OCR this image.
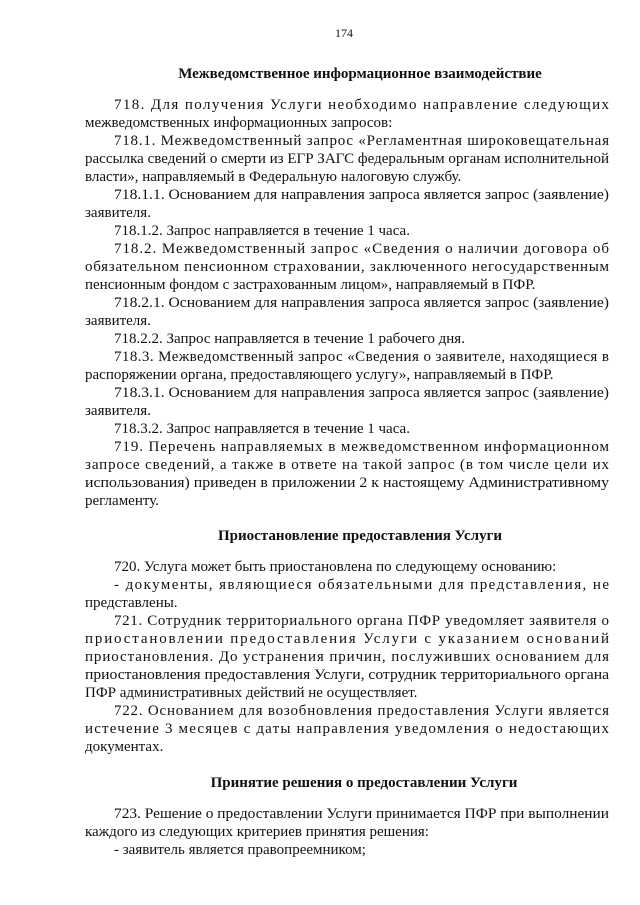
174
Межведомственное информационное взаимодействие
718. Для получения Услуги необходимо направление следующих
межведомственных информационных запросов:
718.1. Межведомственный запрос «Регламентная широковещательная
рассылка сведений о смерти из ЕГР ЗАГС федеральным органам исполнительной
власти», направляемый в Федеральную налоговую службу.
718.1.1. Основанием для направления запроса является запрос (заявление)
заявителя.
718.1.2. Запрос направляется в течение 1 часа.
718.2. Межведомственный запрос «Сведения о наличии договора об
обязательном пенсионном страховании, заключенного негосударственным
пенсионным фондом с застрахованным лицом», направляемый в ПФР.
718.2.1. Основанием для направления запроса является запрос (заявление)
заявителя.
718.2.2. Запрос направляется в течение 1 рабочего дня.
718.3. Межведомственный запрос «Сведения о заявителе, находящиеся в
распоряжении органа, предоставляющего услугу», направляемый в ПФР.
718.3.1. Основанием для направления запроса является запрос (заявление)
заявителя.
718.3.2. Запрос направляется в течение 1 часа.
719. Перечень направляемых в межведомственном информационном
запросе сведений, а также в ответе на такой запрос (в том числе цели их
использования) приведен в приложении 2 к настоящему Административному
регламенту.
Приостановление предоставления Услуги
720. Услуга может быть приостановлена по следующему основанию:
- документы, являющиеся обязательными для представления, не
представлены.
721. Сотрудник территориального органа ПФР уведомляет заявителя о
приостановлении предоставления Услуги с указанием оснований
приостановления. До устранения причин, послуживших основанием для
приостановления предоставления Услуги, сотрудник территориального органа
ПФР административных действий не осуществляет.
722. Основанием для возобновления предоставления Услуги является
истечение 3 месяцев с даты направления уведомления о недостающих
документах.
Принятие решения о предоставлении Услуги
723. Решение о предоставлении Услуги принимается ПФР при выполнении
каждого из следующих критериев принятия решения:
- заявитель является правопреемником;
